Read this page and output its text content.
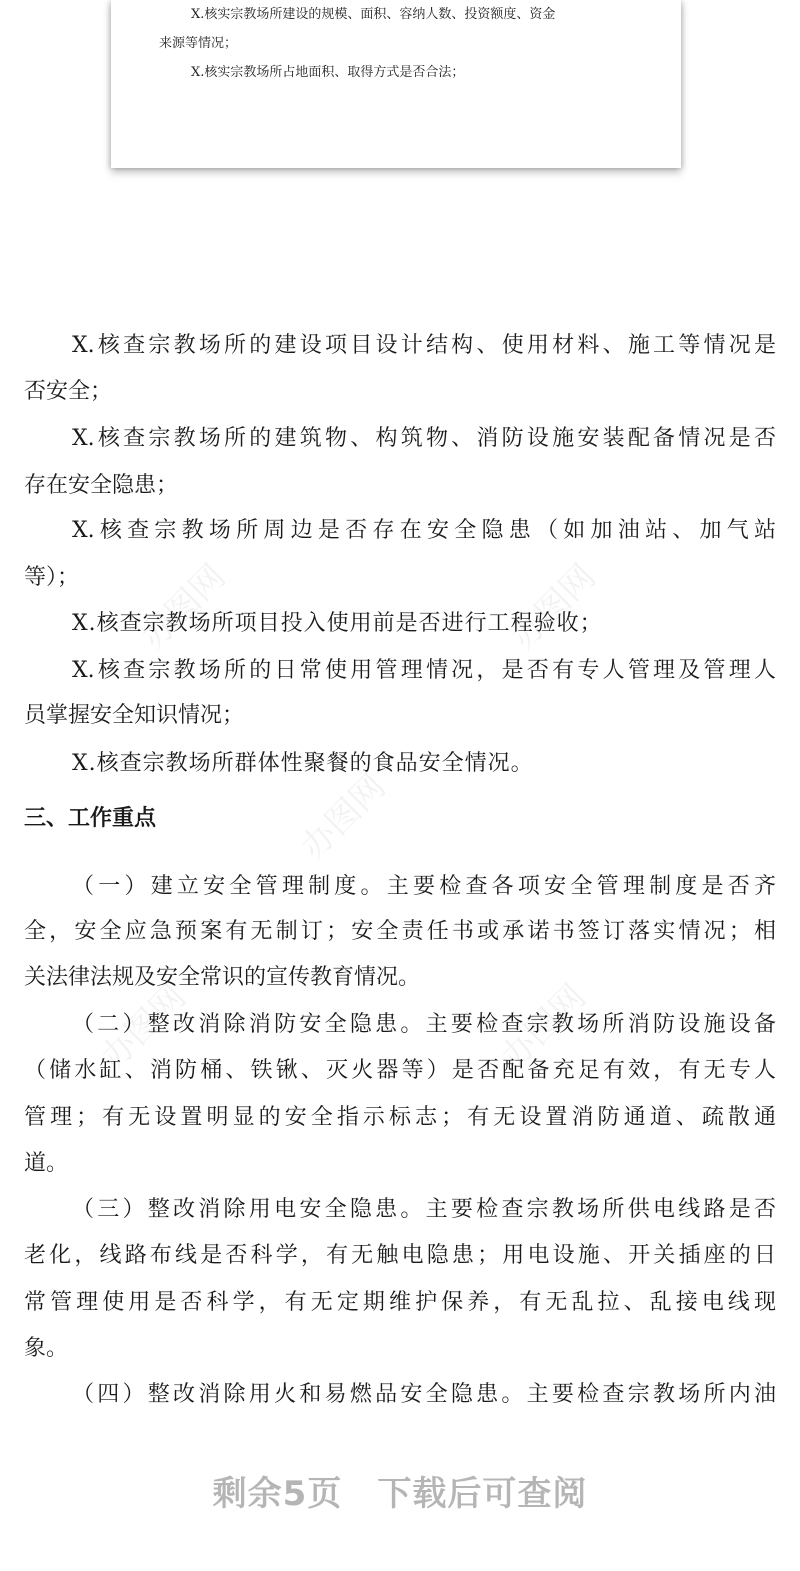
办图网	办图网
办图网
办图网	办图网
X.核实宗教场所建设的规模、面积、容纳人数、投资额度、资金
来源等情况；
X.核实宗教场所占地面积、取得方式是否合法；
X.核查宗教场所的建设项目设计结构、使用材料、施工等情况是
否安全；
X.核查宗教场所的建筑物、构筑物、消防设施安装配备情况是否
存在安全隐患；
X.核查宗教场所周边是否存在安全隐患（如加油站、加气站
等）；
X.核查宗教场所项目投入使用前是否进行工程验收；
X.核查宗教场所的日常使用管理情况，是否有专人管理及管理人
员掌握安全知识情况；
X.核查宗教场所群体性聚餐的食品安全情况。
三、工作重点
（一）建立安全管理制度。主要检查各项安全管理制度是否齐
全，安全应急预案有无制订；安全责任书或承诺书签订落实情况；相
关法律法规及安全常识的宣传教育情况。
（二）整改消除消防安全隐患。主要检查宗教场所消防设施设备
（储水缸、消防桶、铁锹、灭火器等）是否配备充足有效，有无专人
管理；有无设置明显的安全指示标志；有无设置消防通道、疏散通
道。
（三）整改消除用电安全隐患。主要检查宗教场所供电线路是否
老化，线路布线是否科学，有无触电隐患；用电设施、开关插座的日
常管理使用是否科学，有无定期维护保养，有无乱拉、乱接电线现
象。
（四）整改消除用火和易燃品安全隐患。主要检查宗教场所内油
剩余5页　下载后可查阅
